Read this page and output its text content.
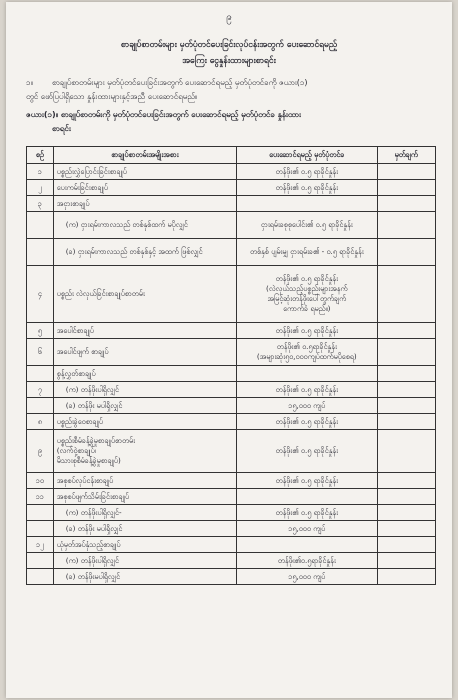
၉
စာချုပ်စာတမ်းများ မှတ်ပုံတင်ပေးခြင်းလုပ်ငန်းအတွက် ပေးဆောင်ရမည့်
အကြေး ငွေနှုန်းထားများစာရင်း
၁။ စာချုပ်စာတမ်းများ မှတ်ပုံတင်ပေးခြင်းအတွက် ပေးဆောင်ရမည့် မှတ်ပုံတင်ခကို ဇယား(၁)
တွင် ဖော်ပြပါရှိသော နှုန်းထားများနှင့်အညီ ပေးဆောင်ရမည်။
ဇယား(၁)။ စာချုပ်စာတမ်းကို မှတ်ပုံတင်ပေးခြင်းအတွက် ပေးဆောင်ရမည့် မှတ်ပုံတင်ခ နှုန်းထား
စာရင်း
စဉ်	စာချုပ်စာတမ်းအမျိုးအစား	ပေးဆောင်ရမည့် မှတ်ပုံတင်ခ	မှတ်ချက်
၁	ပစ္စည်းလွှဲပြောင်းခြင်းစာချုပ်	တန်ဖိုး၏ ၀.၅ ရာခိုင်နှုန်း	
၂	ပေးကမ်းခြင်းစာချုပ်	တန်ဖိုး၏ ၀.၅ ရာခိုင်နှုန်း	
၃	အငှားစာချုပ်		
	(က) ငှားရမ်းကာလသည် တစ်နှစ်ထက် မပိုလျှင်	ငှားရမ်းခစုစုပေါင်း၏ ၀.၅ ရာခိုင်နှုန်း	
	(ခ) ငှားရမ်းကာလသည် တစ်နှစ်နှင့် အထက် ဖြစ်လျှင်	တစ်နှစ် ပျမ်းမျှ ငှားရမ်းခ၏ - ၀.၅ ရာခိုင်နှုန်း	
၄	ပစ္စည်း လဲလှယ်ခြင်းစာချုပ်စာတမ်း	တန်ဖိုး၏ ၀.၅ ရာခိုင်နှုန်း
(လဲလှယ်သည့်ပစ္စည်းများအနက်
အမြင့်ဆုံးတန်ဖိုးပေါ်တွက်ချက်
ကောက်ခံ ရမည်။)	

၅	အပေါင်စာချုပ်	တန်ဖိုး၏ ၀.၅ ရာခိုင်နှုန်း	
၆	အပေါင်ဖျက် စာချုပ်	တန်ဖိုး၏ ၀.၅ရာခိုင်နှုန်း
(အများဆုံး၅၀,၀၀၀ကျပ်ထက်မပိုစေရ)	

	စွန့်လွှတ်စာချုပ်		
၇	(က) တန်ဖိုးပါရှိလျှင်	တန်ဖိုး၏ ၀.၅ ရာခိုင်နှုန်း	
	(ခ) တန်ဖိုး မပါရှိလျှင်	၁၅,၀၀၀ ကျပ်	
၈	ပစ္စည်းခွဲဝေစာချုပ်	တန်ဖိုး၏ ၀.၅ ရာခိုင်နှုန်း	
၉	ပစ္စည်းစီမံခန့်ခွဲမှုစာချုပ်စာတမ်း
(လက်ဝှဲ့စာချုပ်၊
မိသားစုစီမံခန့်ခွဲမှုစာချုပ်)	တန်ဖိုး၏ ၀.၅ ရာခိုင်နှုန်း	
၁၀	အစုစပ်လုပ်ငန်းစာချုပ်	တန်ဖိုး၏ ၀.၅ ရာခိုင်နှုန်း	
၁၁	အစုစပ်ဖျက်သိမ်းခြင်းစာချုပ်		
	(က) တန်ဖိုးပါရှိလျှင်-	တန်ဖိုး၏ ၀.၅ ရာခိုင်နှုန်း	
	(ခ) တန်ဖိုး မပါရှိလျှင်	၁၅,၀၀၀ ကျပ်	
၁၂	ယုံမှတ်အပ်နှံသည့်စာချုပ်		
	(က) တန်ဖိုးပါရှိလျှင်	တန်ဖိုး၏၀.၅ရာခိုင်နှုန်း	
	(ခ) တန်ဖိုးမပါရှိလျှင်	၁၅,၀၀၀ ကျပ်	
